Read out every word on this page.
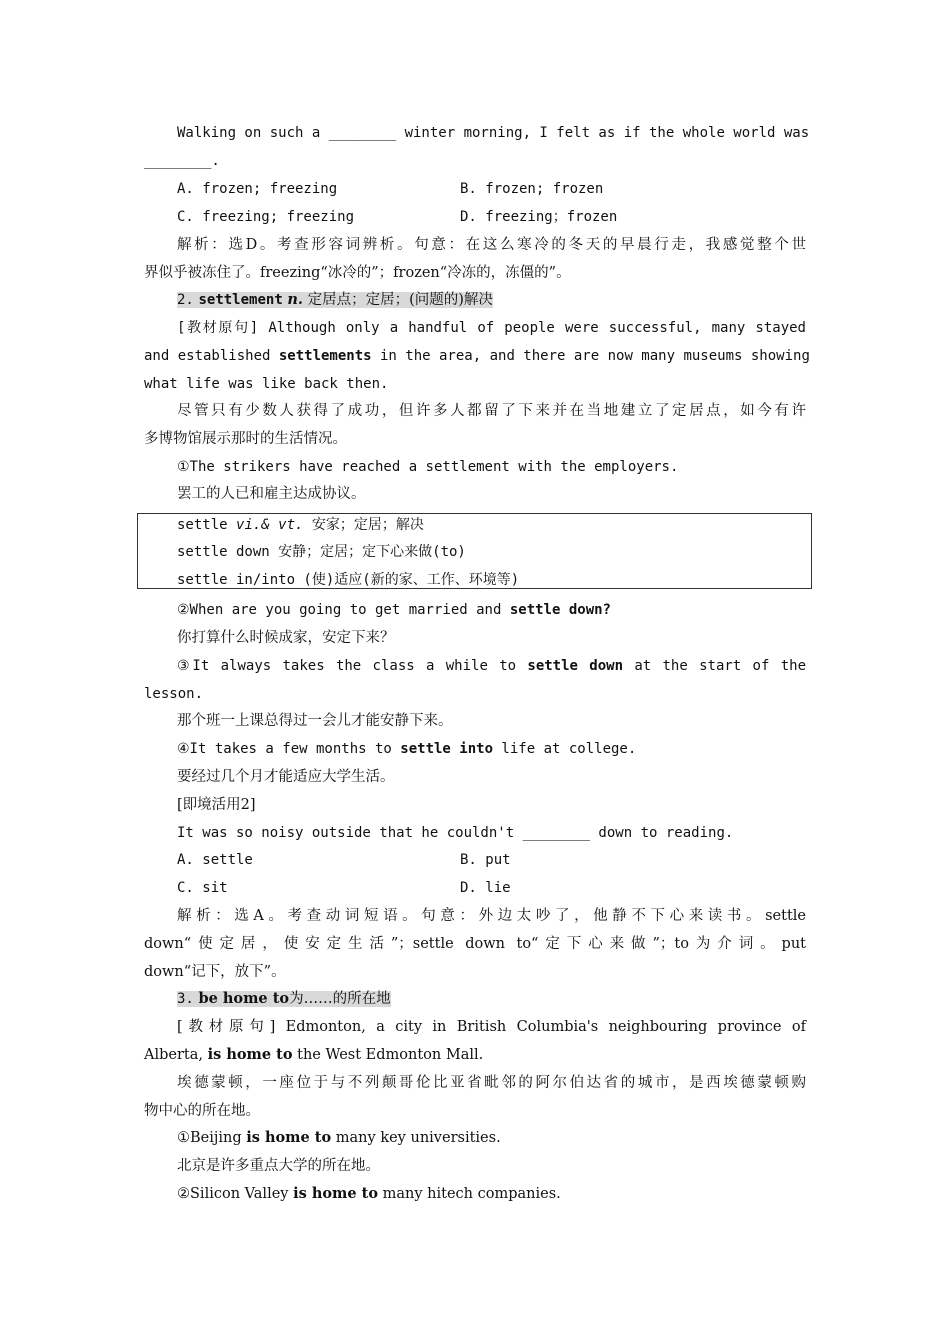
Walking on such a ________ winter morning, I felt as if the whole world was
________.
A. frozen; freezing	B. frozen; frozen
C. freezing; freezing	D. freezing；frozen
解析：选D。考查形容词辨析。句意：在这么寒冷的冬天的早晨行走，我感觉整个世
界似乎被冻住了。freezing“冰冷的”；frozen“冷冻的，冻僵的”。
2. settlement n. 定居点；定居；(问题的)解决
[教材原句] Although only a handful of people were successful, many stayed
and established settlements in the area, and there are now many museums showing
what life was like back then.
尽管只有少数人获得了成功，但许多人都留了下来并在当地建立了定居点，如今有许
多博物馆展示那时的生活情况。
①The strikers have reached a settlement with the employers.
罢工的人已和雇主达成协议。
settle vi.& vt. 安家；定居；解决
settle down 安静；定居；定下心来做(to)
settle in/into (使)适应(新的家、工作、环境等)
②When are you going to get married and settle down?
你打算什么时候成家，安定下来？
③It always takes the class a while to settle down at the start of the
lesson.
那个班一上课总得过一会儿才能安静下来。
④It takes a few months to settle into life at college.
要经过几个月才能适应大学生活。
[即境活用2]
It was so noisy outside that he couldn't ________ down to reading.
A. settle	B. put
C. sit	D. lie
解析：选A。考查动词短语。句意：外边太吵了，他静不下心来读书。settle
down“使定居，使安定生活”；settle down to“定下心来做”；to为介词。put
down“记下，放下”。
3. be home to为……的所在地
[教材原句] Edmonton, a city in British Columbia's neighbouring province of
Alberta, is home to the West Edmonton Mall.
埃德蒙顿，一座位于与不列颠哥伦比亚省毗邻的阿尔伯达省的城市，是西埃德蒙顿购
物中心的所在地。
①Beijing is home to many key universities.
北京是许多重点大学的所在地。
②Silicon Valley is home to many hitech companies.
